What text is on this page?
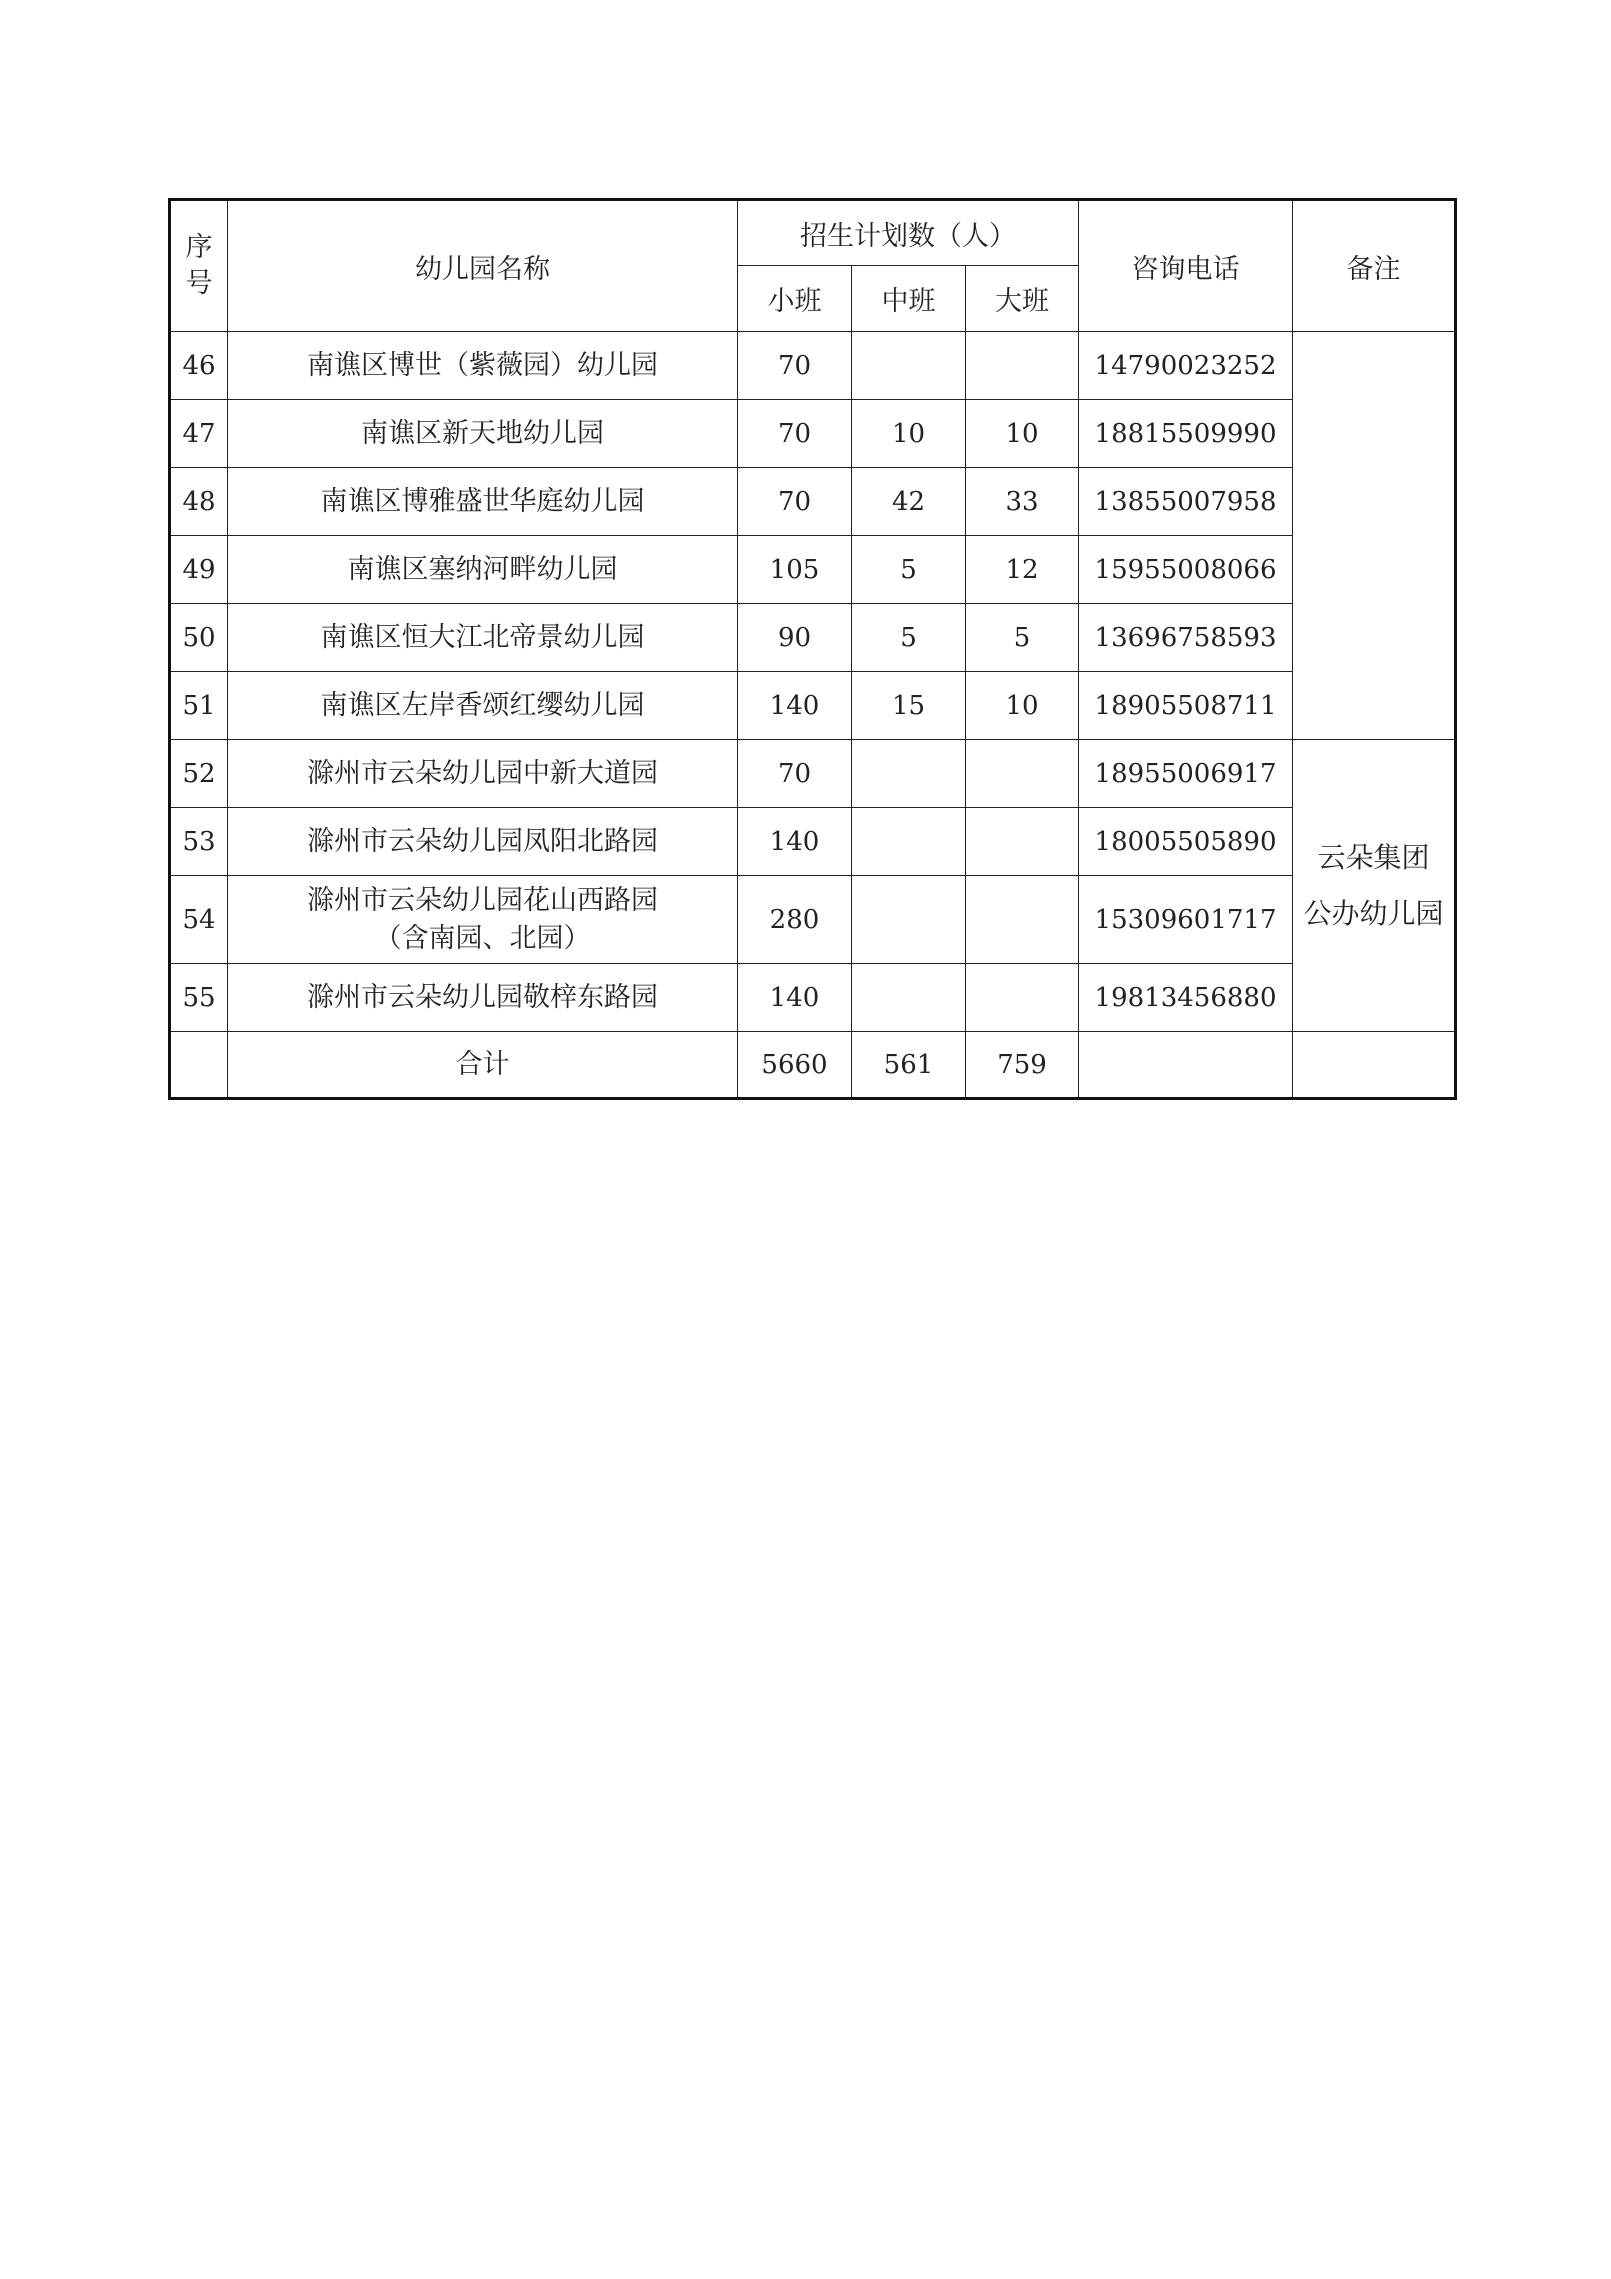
序
号	幼儿园名称	招生计划数（人）			咨询电话	备注
		小班	中班	大班		
46	南谯区博世（紫薇园）幼儿园	70			14790023252	
47	南谯区新天地幼儿园	70	10	10	18815509990	
48	南谯区博雅盛世华庭幼儿园	70	42	33	13855007958	
49	南谯区塞纳河畔幼儿园	105	5	12	15955008066	
50	南谯区恒大江北帝景幼儿园	90	5	5	13696758593	
51	南谯区左岸香颂红缨幼儿园	140	15	10	18905508711	
52	滁州市云朵幼儿园中新大道园	70			18955006917	云朵集团
公办幼儿园

53	滁州市云朵幼儿园凤阳北路园	140			18005505890	
54	滁州市云朵幼儿园花山西路园
（含南园、北园）	280			15309601717	
55	滁州市云朵幼儿园敬梓东路园	140			19813456880	
	合计	5660	561	759		
